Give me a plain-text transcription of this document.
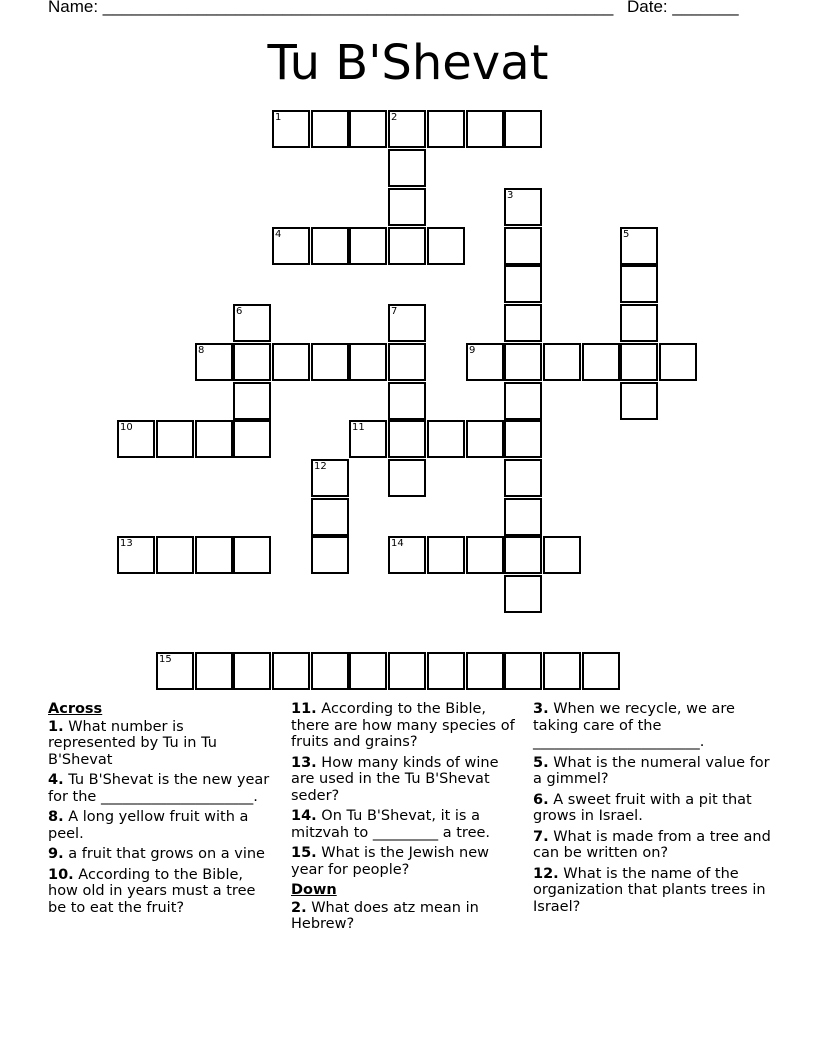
Name: ______________________________________________________ Date: _______
Tu B'Shevat
1	2
3
4	5
6	7
8	9
10	11
12
13	14
15
Across
1. What number is represented by Tu in Tu B'Shevat
4. Tu B'Shevat is the new year for the _____________________.
8. A long yellow fruit with a peel.
9. a fruit that grows on a vine
10. According to the Bible, how old in years must a tree be to eat the fruit?
11. According to the Bible, there are how many species of fruits and grains?
13. How many kinds of wine are used in the Tu B'Shevat seder?
14. On Tu B'Shevat, it is a mitzvah to _________ a tree.
15. What is the Jewish new year for people?
Down
2. What does atz mean in Hebrew?
3. When we recycle, we are taking care of the _______________________.
5. What is the numeral value for a gimmel?
6. A sweet fruit with a pit that grows in Israel.
7. What is made from a tree and can be written on?
12. What is the name of the organization that plants trees in Israel?
